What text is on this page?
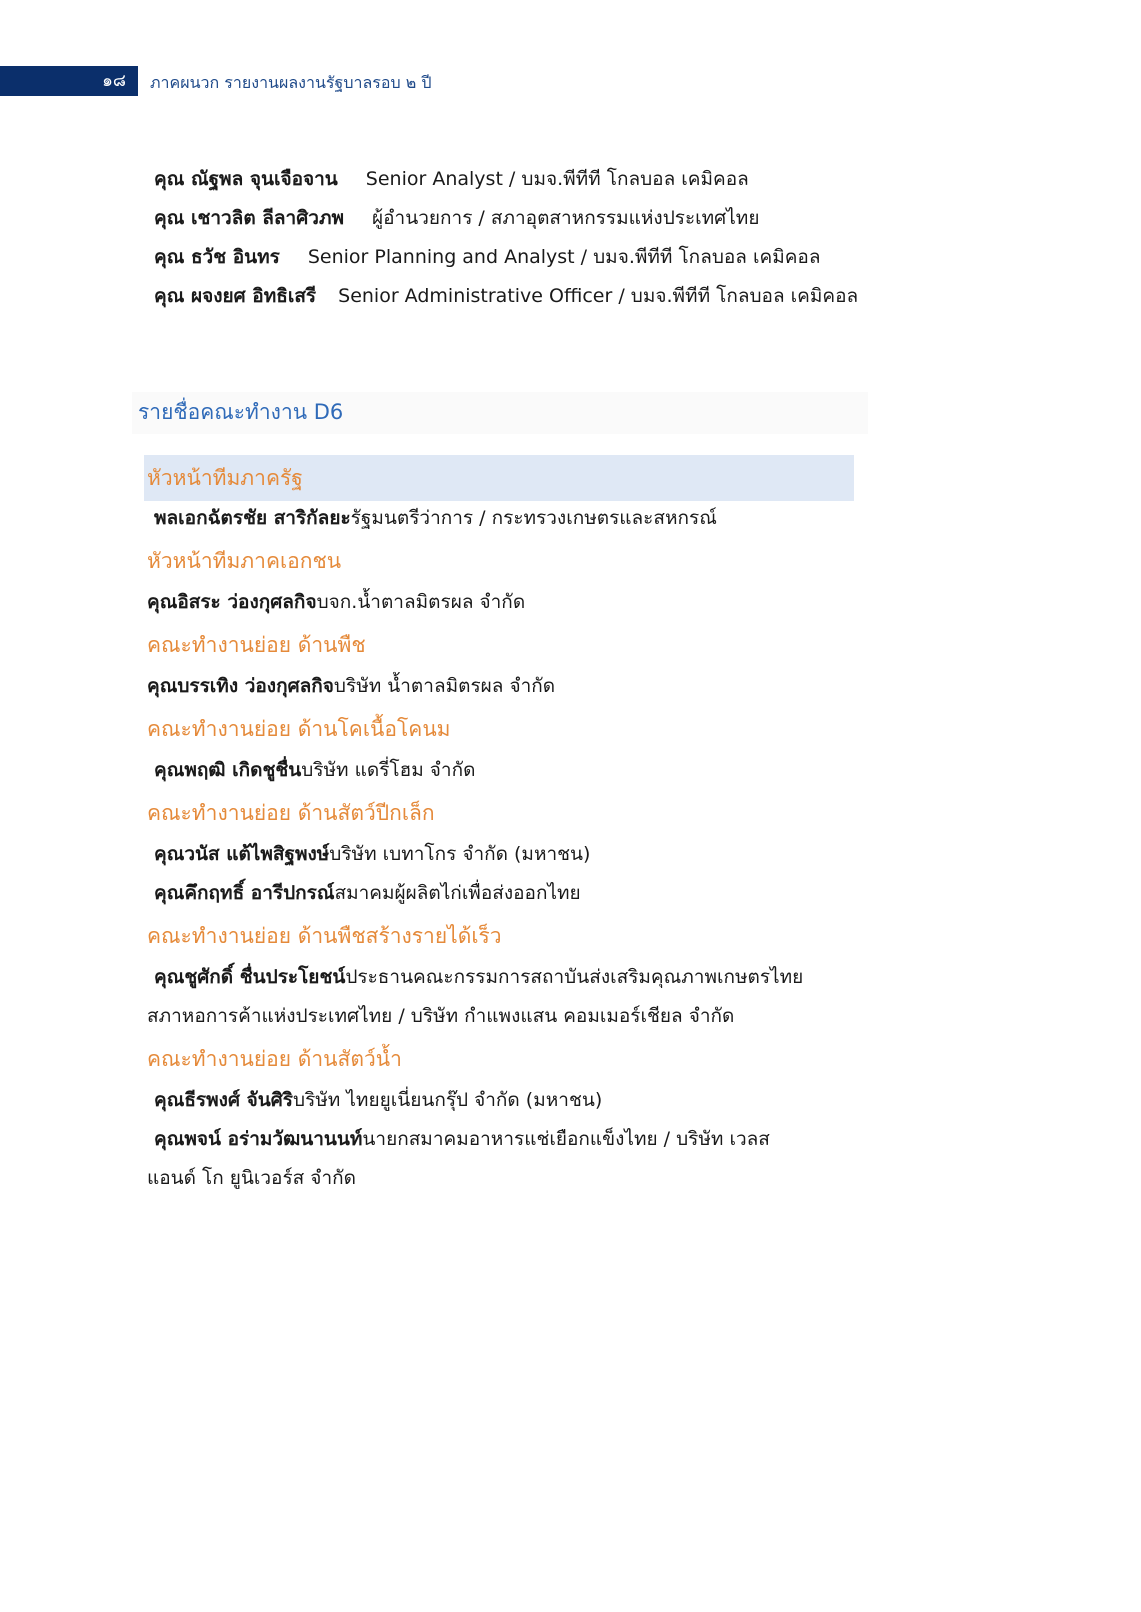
๑๘ ภาคผนวก รายงานผลงานรัฐบาลรอบ ๒ ปี
คุณ ณัฐพล จุนเจือจาน Senior Analyst / บมจ.พีทีที โกลบอล เคมิคอล
คุณ เชาวลิต ลีลาศิวภพ ผู้อำนวยการ / สภาอุตสาหกรรมแห่งประเทศไทย
คุณ ธวัช อินทร Senior Planning and Analyst / บมจ.พีทีที โกลบอล เคมิคอล
คุณ ผจงยศ อิทธิเสรี Senior Administrative Officer / บมจ.พีทีที โกลบอล เคมิคอล
รายชื่อคณะทำงาน D6
หัวหน้าทีมภาครัฐ
พลเอกฉัตรชัย สาริกัลยะรัฐมนตรีว่าการ / กระทรวงเกษตรและสหกรณ์
หัวหน้าทีมภาคเอกชน
คุณอิสระ ว่องกุศลกิจบจก.น้ำตาลมิตรผล จำกัด
คณะทำงานย่อย ด้านพืช
คุณบรรเทิง ว่องกุศลกิจบริษัท น้ำตาลมิตรผล จำกัด
คณะทำงานย่อย ด้านโคเนื้อโคนม
คุณพฤฒิ เกิดชูชื่นบริษัท แดรี่โฮม จำกัด
คณะทำงานย่อย ด้านสัตว์ปีกเล็ก
คุณวนัส แต้ไพสิฐพงษ์บริษัท เบทาโกร จำกัด (มหาชน)
คุณคึกฤทธิ์ อารีปกรณ์สมาคมผู้ผลิตไก่เพื่อส่งออกไทย
คณะทำงานย่อย ด้านพืชสร้างรายได้เร็ว
คุณชูศักดิ์ ชื่นประโยชน์ประธานคณะกรรมการสถาบันส่งเสริมคุณภาพเกษตรไทย
สภาหอการค้าแห่งประเทศไทย / บริษัท กำแพงแสน คอมเมอร์เชียล จำกัด
คณะทำงานย่อย ด้านสัตว์น้ำ
คุณธีรพงศ์ จันศิริบริษัท ไทยยูเนี่ยนกรุ๊ป จำกัด (มหาชน)
คุณพจน์ อร่ามวัฒนานนท์นายกสมาคมอาหารแช่เยือกแข็งไทย / บริษัท เวลส
แอนด์ โก ยูนิเวอร์ส จำกัด
